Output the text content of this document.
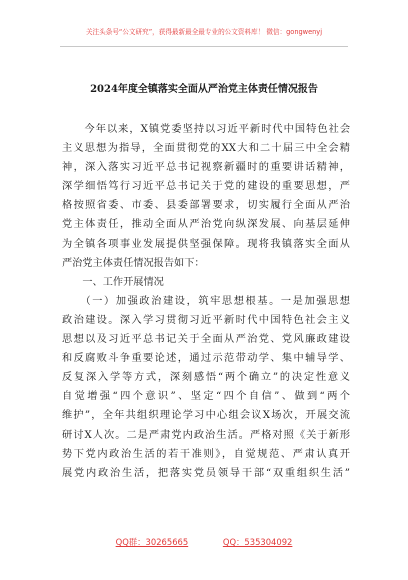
关注头条号“公文研究”，获得最新最全最专业的公文资料库！ 微信：gongwenyj
2024年度全镇落实全面从严治党主体责任情况报告
　　今年以来，X镇党委坚持以习近平新时代中国特色社会
主义思想为指导，全面贯彻党的XX大和二十届三中全会精
神，深入落实习近平总书记视察新疆时的重要讲话精神，
深学细悟笃行习近平总书记关于党的建设的重要思想，严
格按照省委、市委、县委部署要求，切实履行全面从严治
党主体责任，推动全面从严治党向纵深发展、向基层延伸
为全镇各项事业发展提供坚强保障。现将我镇落实全面从
严治党主体责任情况报告如下：
　　一、工作开展情况
　　（一）加强政治建设，筑牢思想根基。一是加强思想
政治建设。深入学习贯彻习近平新时代中国特色社会主义
思想以及习近平总书记关于全面从严治党、党风廉政建设
和反腐败斗争重要论述，通过示范带动学、集中辅导学、
反复深入学等方式，深刻感悟“两个确立”的决定性意义
自觉增强“四个意识”、坚定“四个自信”、做到“两个
维护”，全年共组织理论学习中心组会议X场次，开展交流
研讨X人次。二是严肃党内政治生活。严格对照《关于新形
势下党内政治生活的若干准则》，自觉规范、严肃认真开
展党内政治生活，把落实党员领导干部“双重组织生活”
QQ群：30265665	QQ：535304092
